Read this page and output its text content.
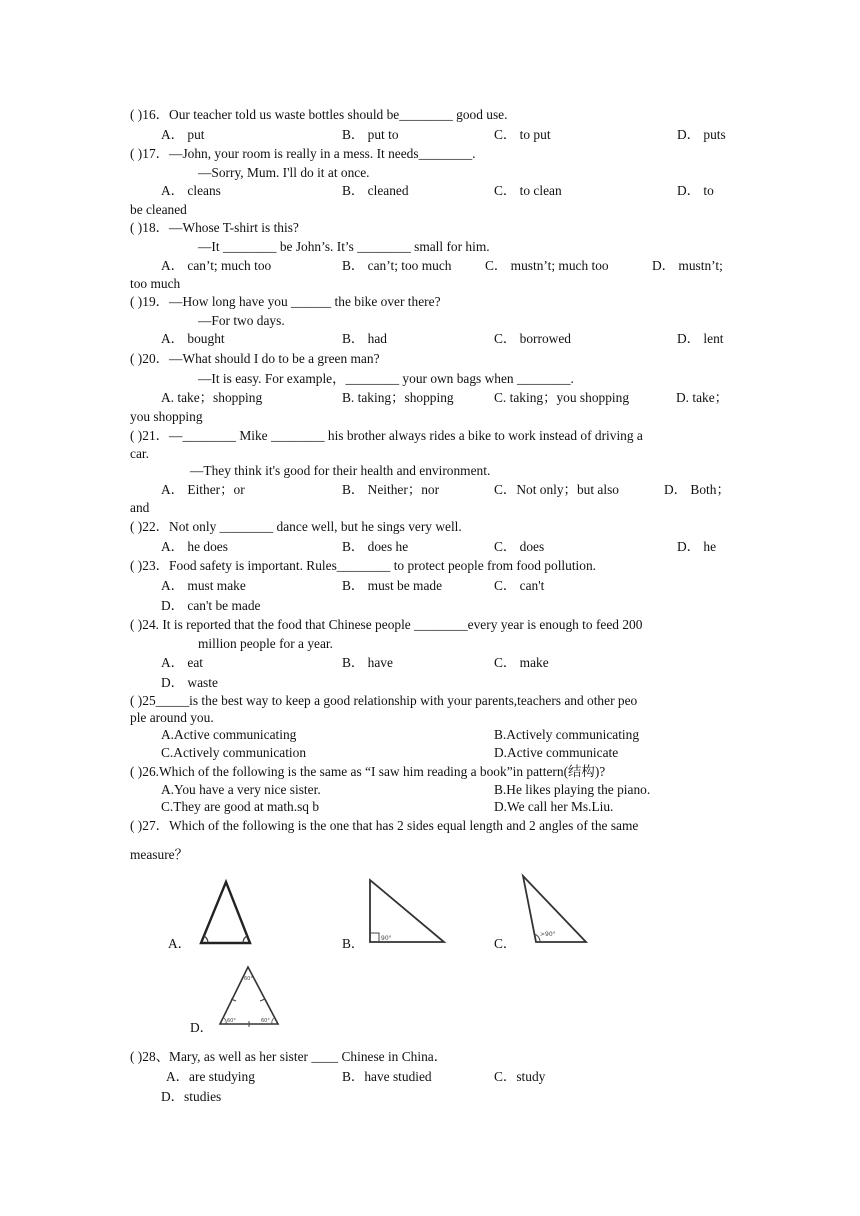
( )16．Our teacher told us waste bottles should be________ good use.
A． put	B． put to	C． to put	D． puts
( )17．—John, your room is really in a mess. It needs________.
—Sorry, Mum. I'll do it at once.
A． cleans	B． cleaned	C． to clean	D． to
be cleaned
( )18．—Whose T-shirt is this?
—It ________ be John’s. It’s ________ small for him.
A． can’t; much too	B． can’t; too much	C． mustn’t; much too	D． mustn’t;
too much
( )19．—How long have you ______ the bike over there?
—For two days.
A． bought	B． had	C． borrowed	D． lent
( )20．—What should I do to be a green man?
—It is easy. For example，________ your own bags when ________.
A. take；shopping	B. taking；shopping	C. taking；you shopping	D. take；
you shopping
( )21．—________ Mike ________ his brother always rides a bike to work instead of driving a
car.
—They think it's good for their health and environment.
A． Either；or	B． Neither；nor	C．Not only；but also	D． Both；
and
( )22．Not only ________ dance well, but he sings very well.
A． he does	B． does he	C． does	D． he
( )23．Food safety is important. Rules________ to protect people from food pollution.
A． must make	B． must be made	C． can't
D． can't be made
( )24. It is reported that the food that Chinese people ________every year is enough to feed 200
million people for a year.
A． eat	B． have	C． make
D． waste
( )25_____is the best way to keep a good relationship with your parents,teachers and other peo
ple around you.
A.Active communicating	B.Actively communicating
C.Actively communication	D.Active communicate
( )26.Which of the following is the same as “I saw him reading a book”in pattern(结构)?
A.You have a very nice sister.	B.He likes playing the piano.
C.They are good at math.sq b	D.We call her Ms.Liu.
( )27．Which of the following is the one that has 2 sides equal length and 2 angles of the same
measure？
A．	B．	90°	C．
>90°
D．
60°
60°	60°
( )28、Mary, as well as her sister ____ Chinese in China．
A．are studying	B．have studied	C．study
D．studies
